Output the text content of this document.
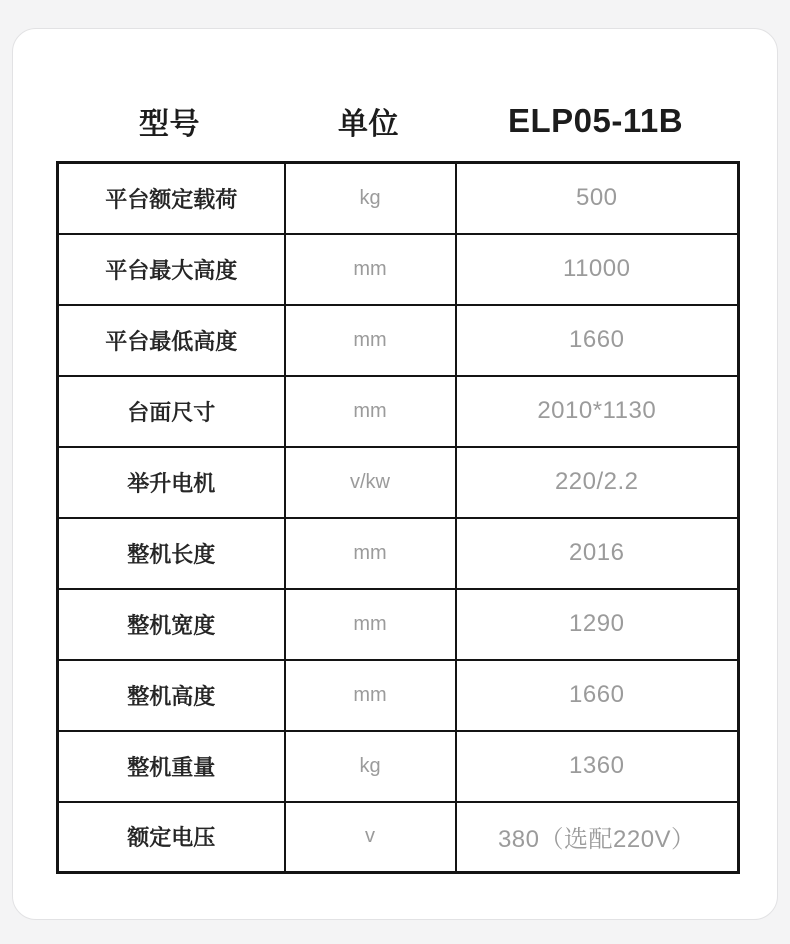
型号	单位	ELP05-11B
平台额定载荷	kg	500
平台最大高度	mm	11000
平台最低高度	mm	1660
台面尺寸	mm	2010*1130
举升电机	v/kw	220/2.2
整机长度	mm	2016
整机宽度	mm	1290
整机高度	mm	1660
整机重量	kg	1360
额定电压	v	380（选配220V）
